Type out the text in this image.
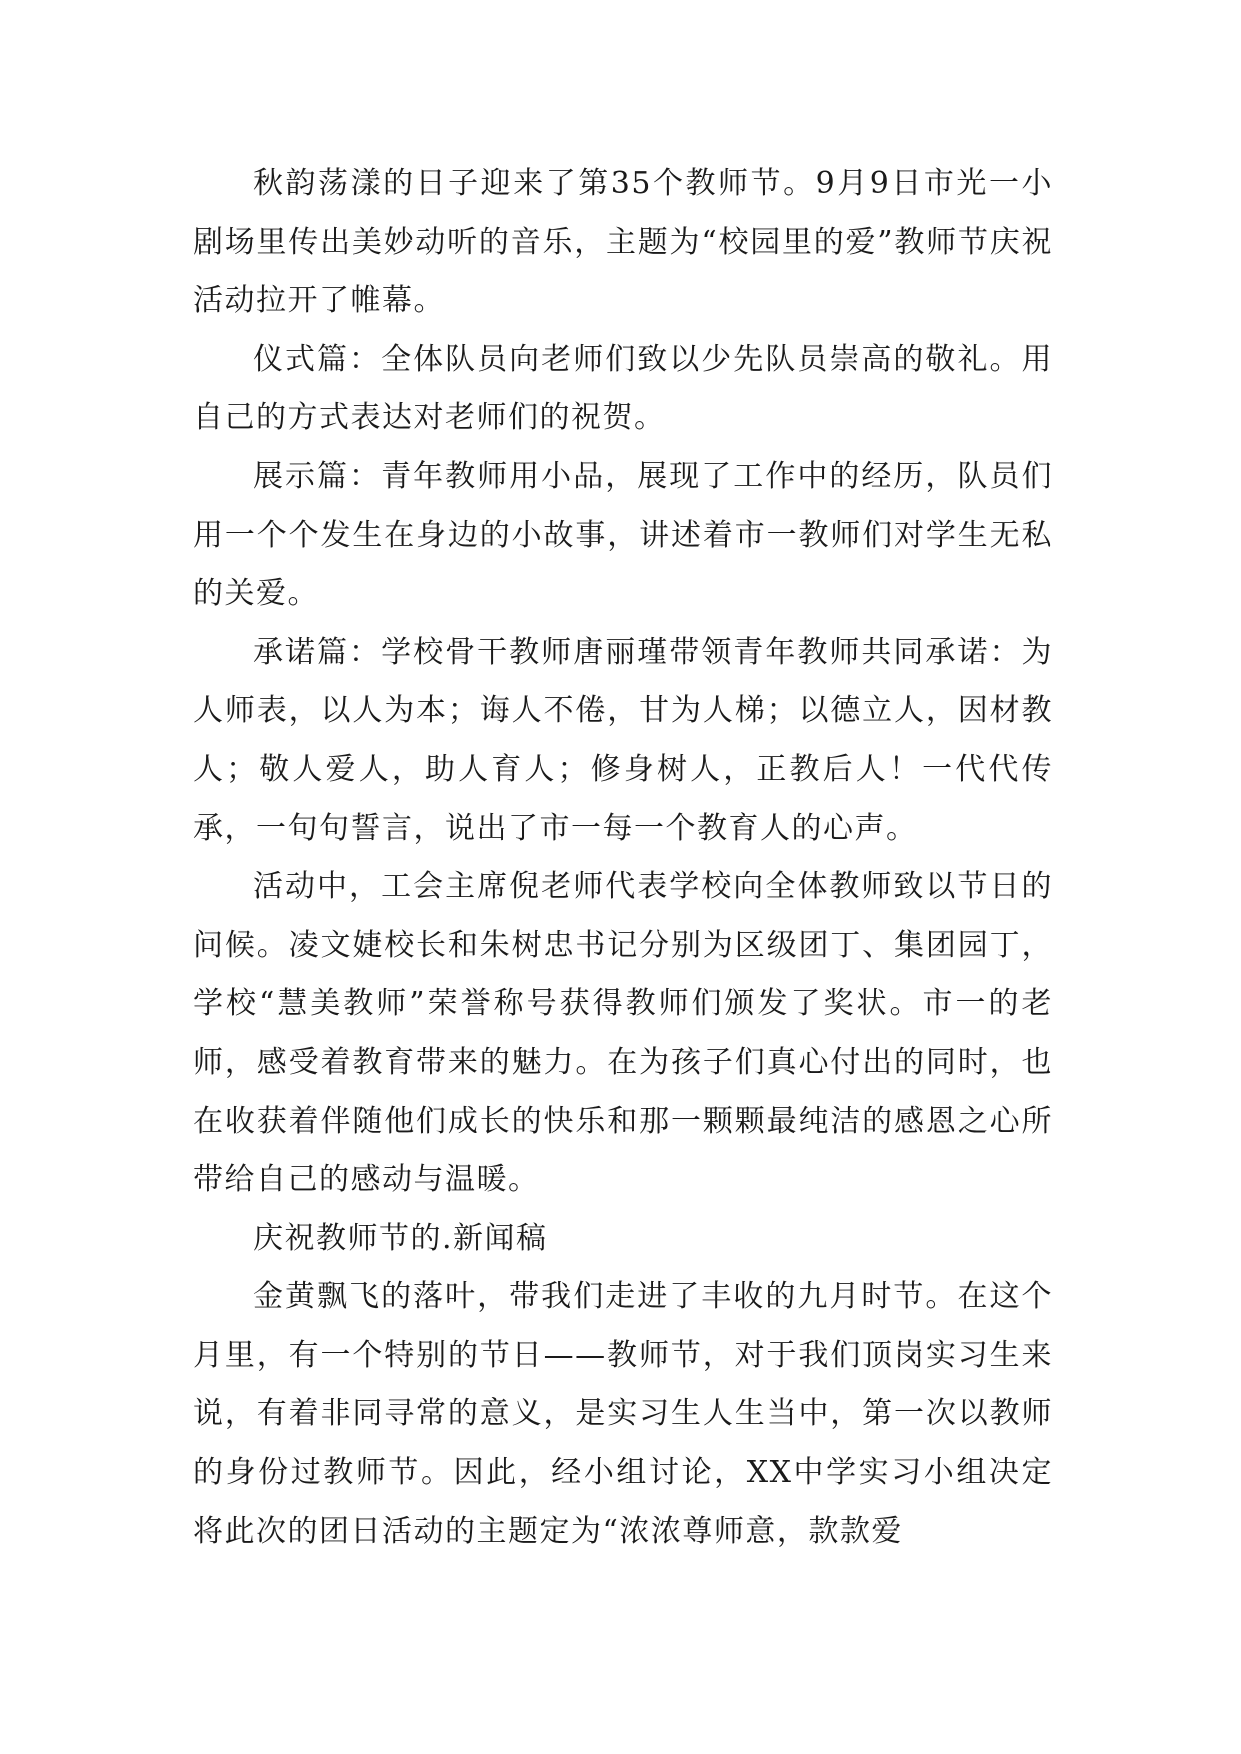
秋韵荡漾的日子迎来了第35个教师节。9月9日市光一小剧场里传出美妙动听的音乐，主题为“校园里的爱”教师节庆祝活动拉开了帷幕。

仪式篇：全体队员向老师们致以少先队员崇高的敬礼。用自己的方式表达对老师们的祝贺。

展示篇：青年教师用小品，展现了工作中的经历，队员们用一个个发生在身边的小故事，讲述着市一教师们对学生无私的关爱。

承诺篇：学校骨干教师唐丽瑾带领青年教师共同承诺：为人师表，以人为本；诲人不倦，甘为人梯；以德立人，因材教人；敬人爱人，助人育人；修身树人，正教后人！一代代传承，一句句誓言，说出了市一每一个教育人的心声。

活动中，工会主席倪老师代表学校向全体教师致以节日的问候。凌文婕校长和朱树忠书记分别为区级团丁、集团园丁，学校“慧美教师”荣誉称号获得教师们颁发了奖状。市一的老师，感受着教育带来的魅力。在为孩子们真心付出的同时，也在收获着伴随他们成长的快乐和那一颗颗最纯洁的感恩之心所带给自己的感动与温暖。

庆祝教师节的.新闻稿

金黄飘飞的落叶，带我们走进了丰收的九月时节。在这个月里，有一个特别的节日——教师节，对于我们顶岗实习生来说，有着非同寻常的意义，是实习生人生当中，第一次以教师的身份过教师节。因此，经小组讨论，XX中学实习小组决定将此次的团日活动的主题定为“浓浓尊师意，款款爱
